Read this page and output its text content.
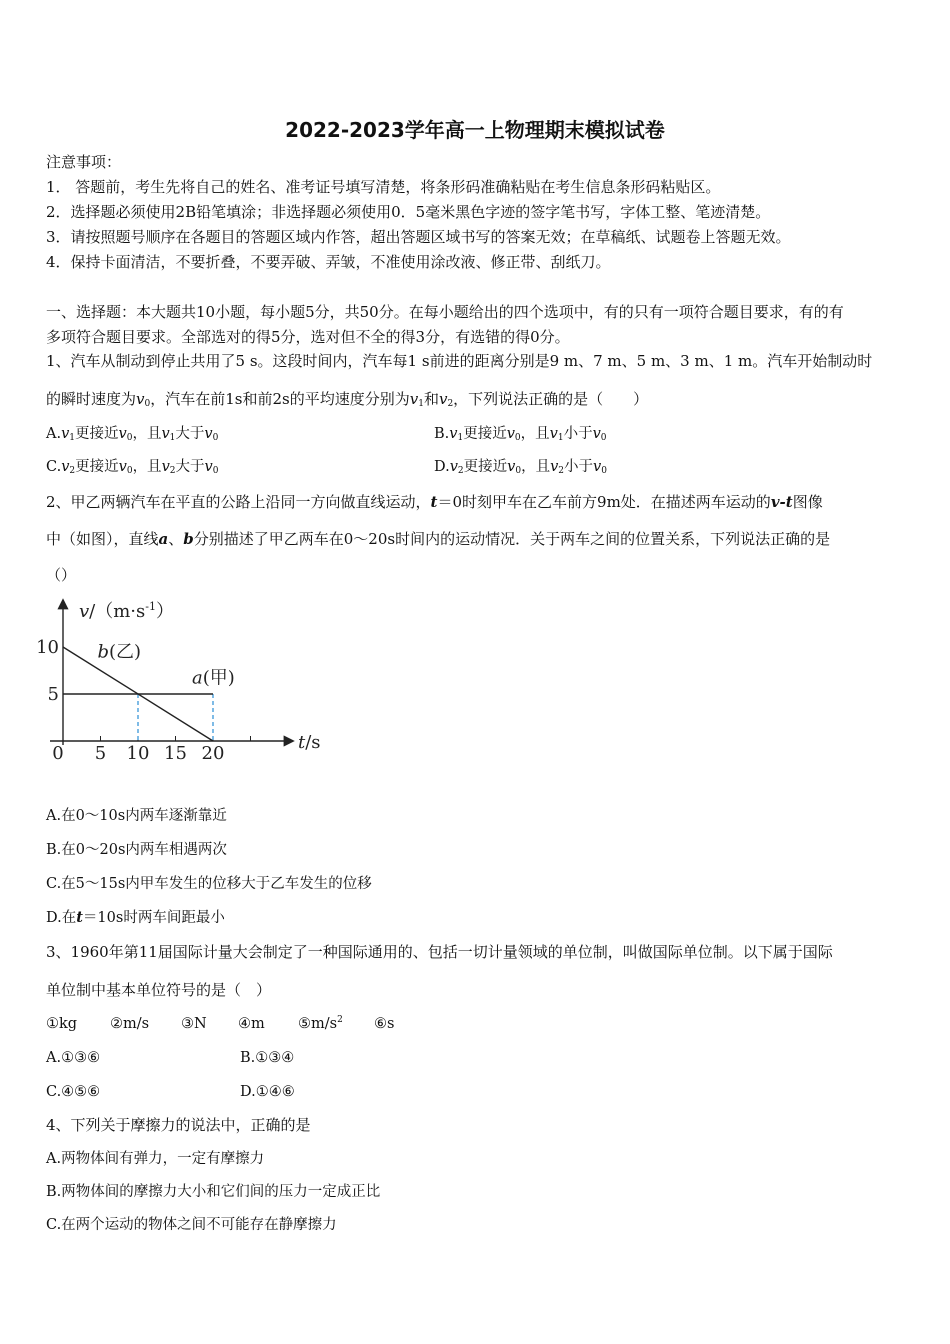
2022-2023学年高一上物理期末模拟试卷
注意事项：
1． 答题前，考生先将自己的姓名、准考证号填写清楚，将条形码准确粘贴在考生信息条形码粘贴区。
2．选择题必须使用2B铅笔填涂；非选择题必须使用0．5毫米黑色字迹的签字笔书写，字体工整、笔迹清楚。
3．请按照题号顺序在各题目的答题区域内作答，超出答题区域书写的答案无效；在草稿纸、试题卷上答题无效。
4．保持卡面清洁，不要折叠，不要弄破、弄皱，不准使用涂改液、修正带、刮纸刀。
一、选择题：本大题共10小题，每小题5分，共50分。在每小题给出的四个选项中，有的只有一项符合题目要求，有的有
多项符合题目要求。全部选对的得5分，选对但不全的得3分，有选错的得0分。
1、汽车从制动到停止共用了5 s。这段时间内，汽车每1 s前进的距离分别是9 m、7 m、5 m、3 m、1 m。汽车开始制动时
的瞬时速度为$v_0$，汽车在前1s和前2s的平均速度分别为$v_1$和$v_2$，下列说法正确的是（　　）
$A.v_1$更接近$v_0$，且$v_1$大于$v_0$	$B.v_1$更接近$v_0$，且$v_1$小于$v_0$
$C.v_2$更接近$v_0$，且$v_2$大于$v_0$	$D.v_2$更接近$v_0$，且$v_2$小于$v_0$
2、甲乙两辆汽车在平直的公路上沿同一方向做直线运动，t＝0时刻甲车在乙车前方9m处．在描述两车运动的v-t图像
中（如图），直线a、b分别描述了甲乙两车在0～20s时间内的运动情况．关于两车之间的位置关系，下列说法正确的是
（）
$v/(m\cdot s^{-1})$
t/s
0 5 10 15 20
5
10
a(甲)
b(乙)
A.在0～10s内两车逐渐靠近
B.在0～20s内两车相遇两次
C.在5～15s内甲车发生的位移大于乙车发生的位移
D.在t＝10s时两车间距最小
3、1960年第11届国际计量大会制定了一种国际通用的、包括一切计量领域的单位制，叫做国际单位制。以下属于国际
单位制中基本单位符号的是（　）
①kg ②m/s ③N ④m $⑤m/s^2$ ⑥s
A.①③⑥	B.①③④
C.④⑤⑥	D.①④⑥
4、下列关于摩擦力的说法中，正确的是
A.两物体间有弹力，一定有摩擦力
B.两物体间的摩擦力大小和它们间的压力一定成正比
C.在两个运动的物体之间不可能存在静摩擦力
